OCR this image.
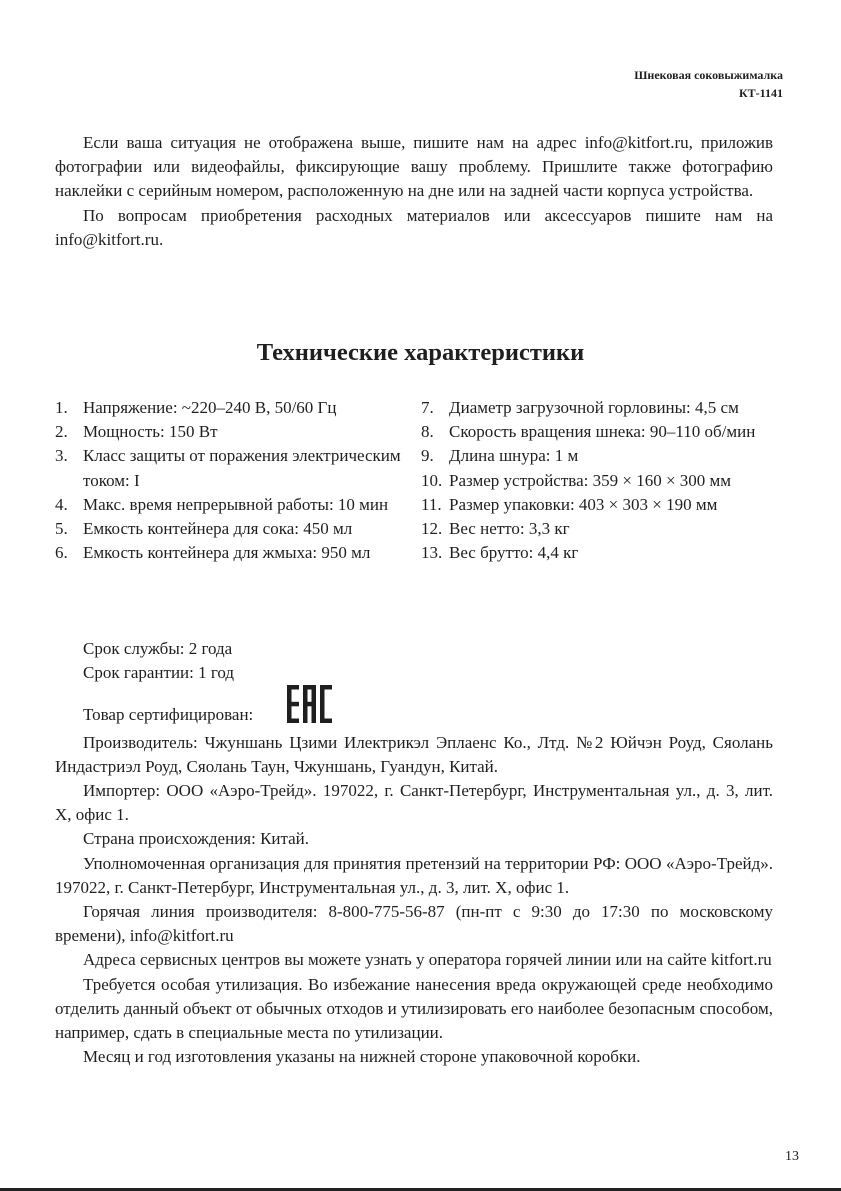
Шнековая соковыжималка
КТ-1141

Если ваша ситуация не отображена выше, пишите нам на адрес info@kitfort.ru, приложив фотографии или видеофайлы, фиксирующие вашу проблему. Пришлите также фотографию наклейки с серийным номером, расположенную на дне или на задней части корпуса устройства.

По вопросам приобретения расходных материалов или аксессуаров пишите нам на info@kitfort.ru.

Технические характеристики
1. Напряжение: ~220–240 В, 50/60 Гц
2. Мощность: 150 Вт
3. Класс защиты от поражения электрическим током: I
4. Макс. время непрерывной работы: 10 мин
5. Емкость контейнера для сока: 450 мл
6. Емкость контейнера для жмыха: 950 мл
7. Диаметр загрузочной горловины: 4,5 см
8. Скорость вращения шнека: 90–110 об/мин
9. Длина шнура: 1 м
10. Размер устройства: 359 × 160 × 300 мм
11. Размер упаковки: 403 × 303 × 190 мм
12. Вес нетто: 3,3 кг
13. Вес брутто: 4,4 кг

Срок службы: 2 года

Срок гарантии: 1 год

Товар сертифицирован:

Производитель: Чжуншань Цзими Илектрикэл Эплаенс Ко., Лтд. №2 Юйчэн Роуд, Сяолань Индастриэл Роуд, Сяолань Таун, Чжуншань, Гуандун, Китай.

Импортер: ООО «Аэро-Трейд». 197022, г. Санкт-Петербург, Инструментальная ул., д. 3, лит. Х, офис 1.

Страна происхождения: Китай.

Уполномоченная организация для принятия претензий на территории РФ: ООО «Аэро-Трейд». 197022, г. Санкт-Петербург, Инструментальная ул., д. 3, лит. Х, офис 1.

Горячая линия производителя: 8-800-775-56-87 (пн-пт с 9:30 до 17:30 по московскому времени), info@kitfort.ru

Адреса сервисных центров вы можете узнать у оператора горячей линии или на сайте kitfort.ru

Требуется особая утилизация. Во избежание нанесения вреда окружающей среде необходимо отделить данный объект от обычных отходов и утилизировать его наиболее безопасным способом, например, сдать в специальные места по утилизации.

Месяц и год изготовления указаны на нижней стороне упаковочной коробки.

13
